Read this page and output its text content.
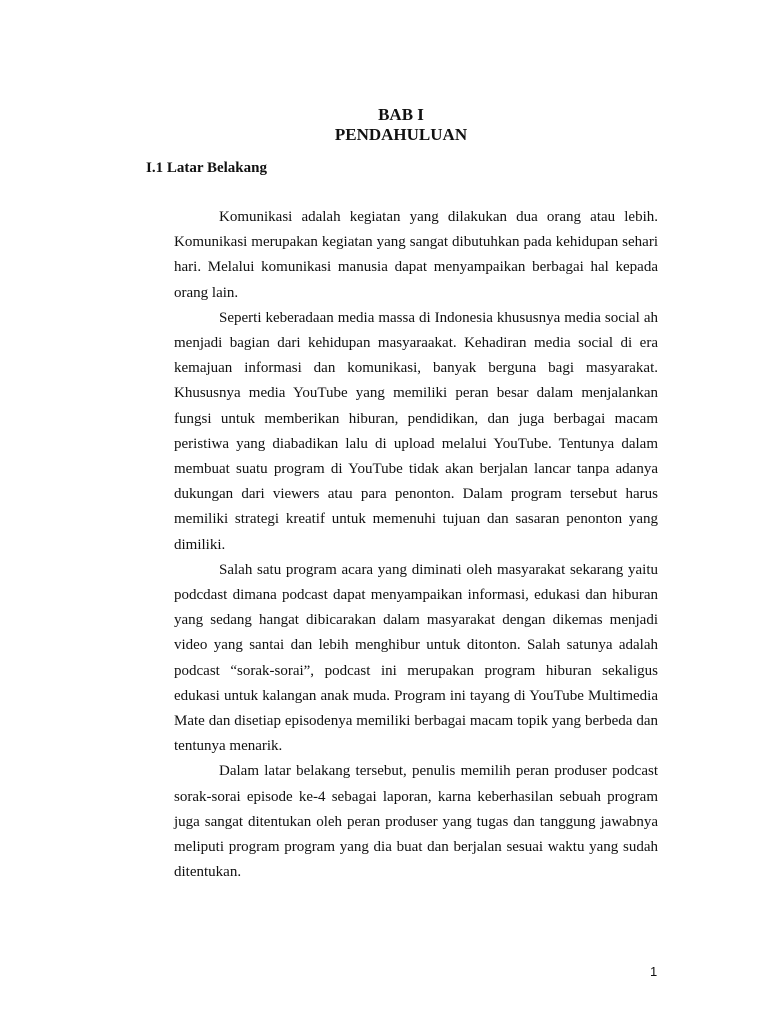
BAB I
PENDAHULUAN
I.1 Latar Belakang

Komunikasi adalah kegiatan yang dilakukan dua orang atau lebih. Komunikasi merupakan kegiatan yang sangat dibutuhkan pada kehidupan sehari hari. Melalui komunikasi manusia dapat menyampaikan berbagai hal kepada orang lain.

Seperti keberadaan media massa di Indonesia khususnya media social ah menjadi bagian dari kehidupan masyaraakat. Kehadiran media social di era kemajuan informasi dan komunikasi, banyak berguna bagi masyarakat. Khususnya media YouTube yang memiliki peran besar dalam menjalankan fungsi untuk memberikan hiburan, pendidikan, dan juga berbagai macam peristiwa yang diabadikan lalu di upload melalui YouTube. Tentunya dalam membuat suatu program di YouTube tidak akan berjalan lancar tanpa adanya dukungan dari viewers atau para penonton. Dalam program tersebut harus memiliki strategi kreatif untuk memenuhi tujuan dan sasaran penonton yang dimiliki.

Salah satu program acara yang diminati oleh masyarakat sekarang yaitu podcdast dimana podcast dapat menyampaikan informasi, edukasi dan hiburan yang sedang hangat dibicarakan dalam masyarakat dengan dikemas menjadi video yang santai dan lebih menghibur untuk ditonton. Salah satunya adalah podcast “sorak-sorai”, podcast ini merupakan program hiburan sekaligus edukasi untuk kalangan anak muda. Program ini tayang di YouTube Multimedia Mate dan disetiap episodenya memiliki berbagai macam topik yang berbeda dan tentunya menarik.

Dalam latar belakang tersebut, penulis memilih peran produser podcast sorak-sorai episode ke-4 sebagai laporan, karna keberhasilan sebuah program juga sangat ditentukan oleh peran produser yang tugas dan tanggung jawabnya meliputi program program yang dia buat dan berjalan sesuai waktu yang sudah ditentukan.

1
